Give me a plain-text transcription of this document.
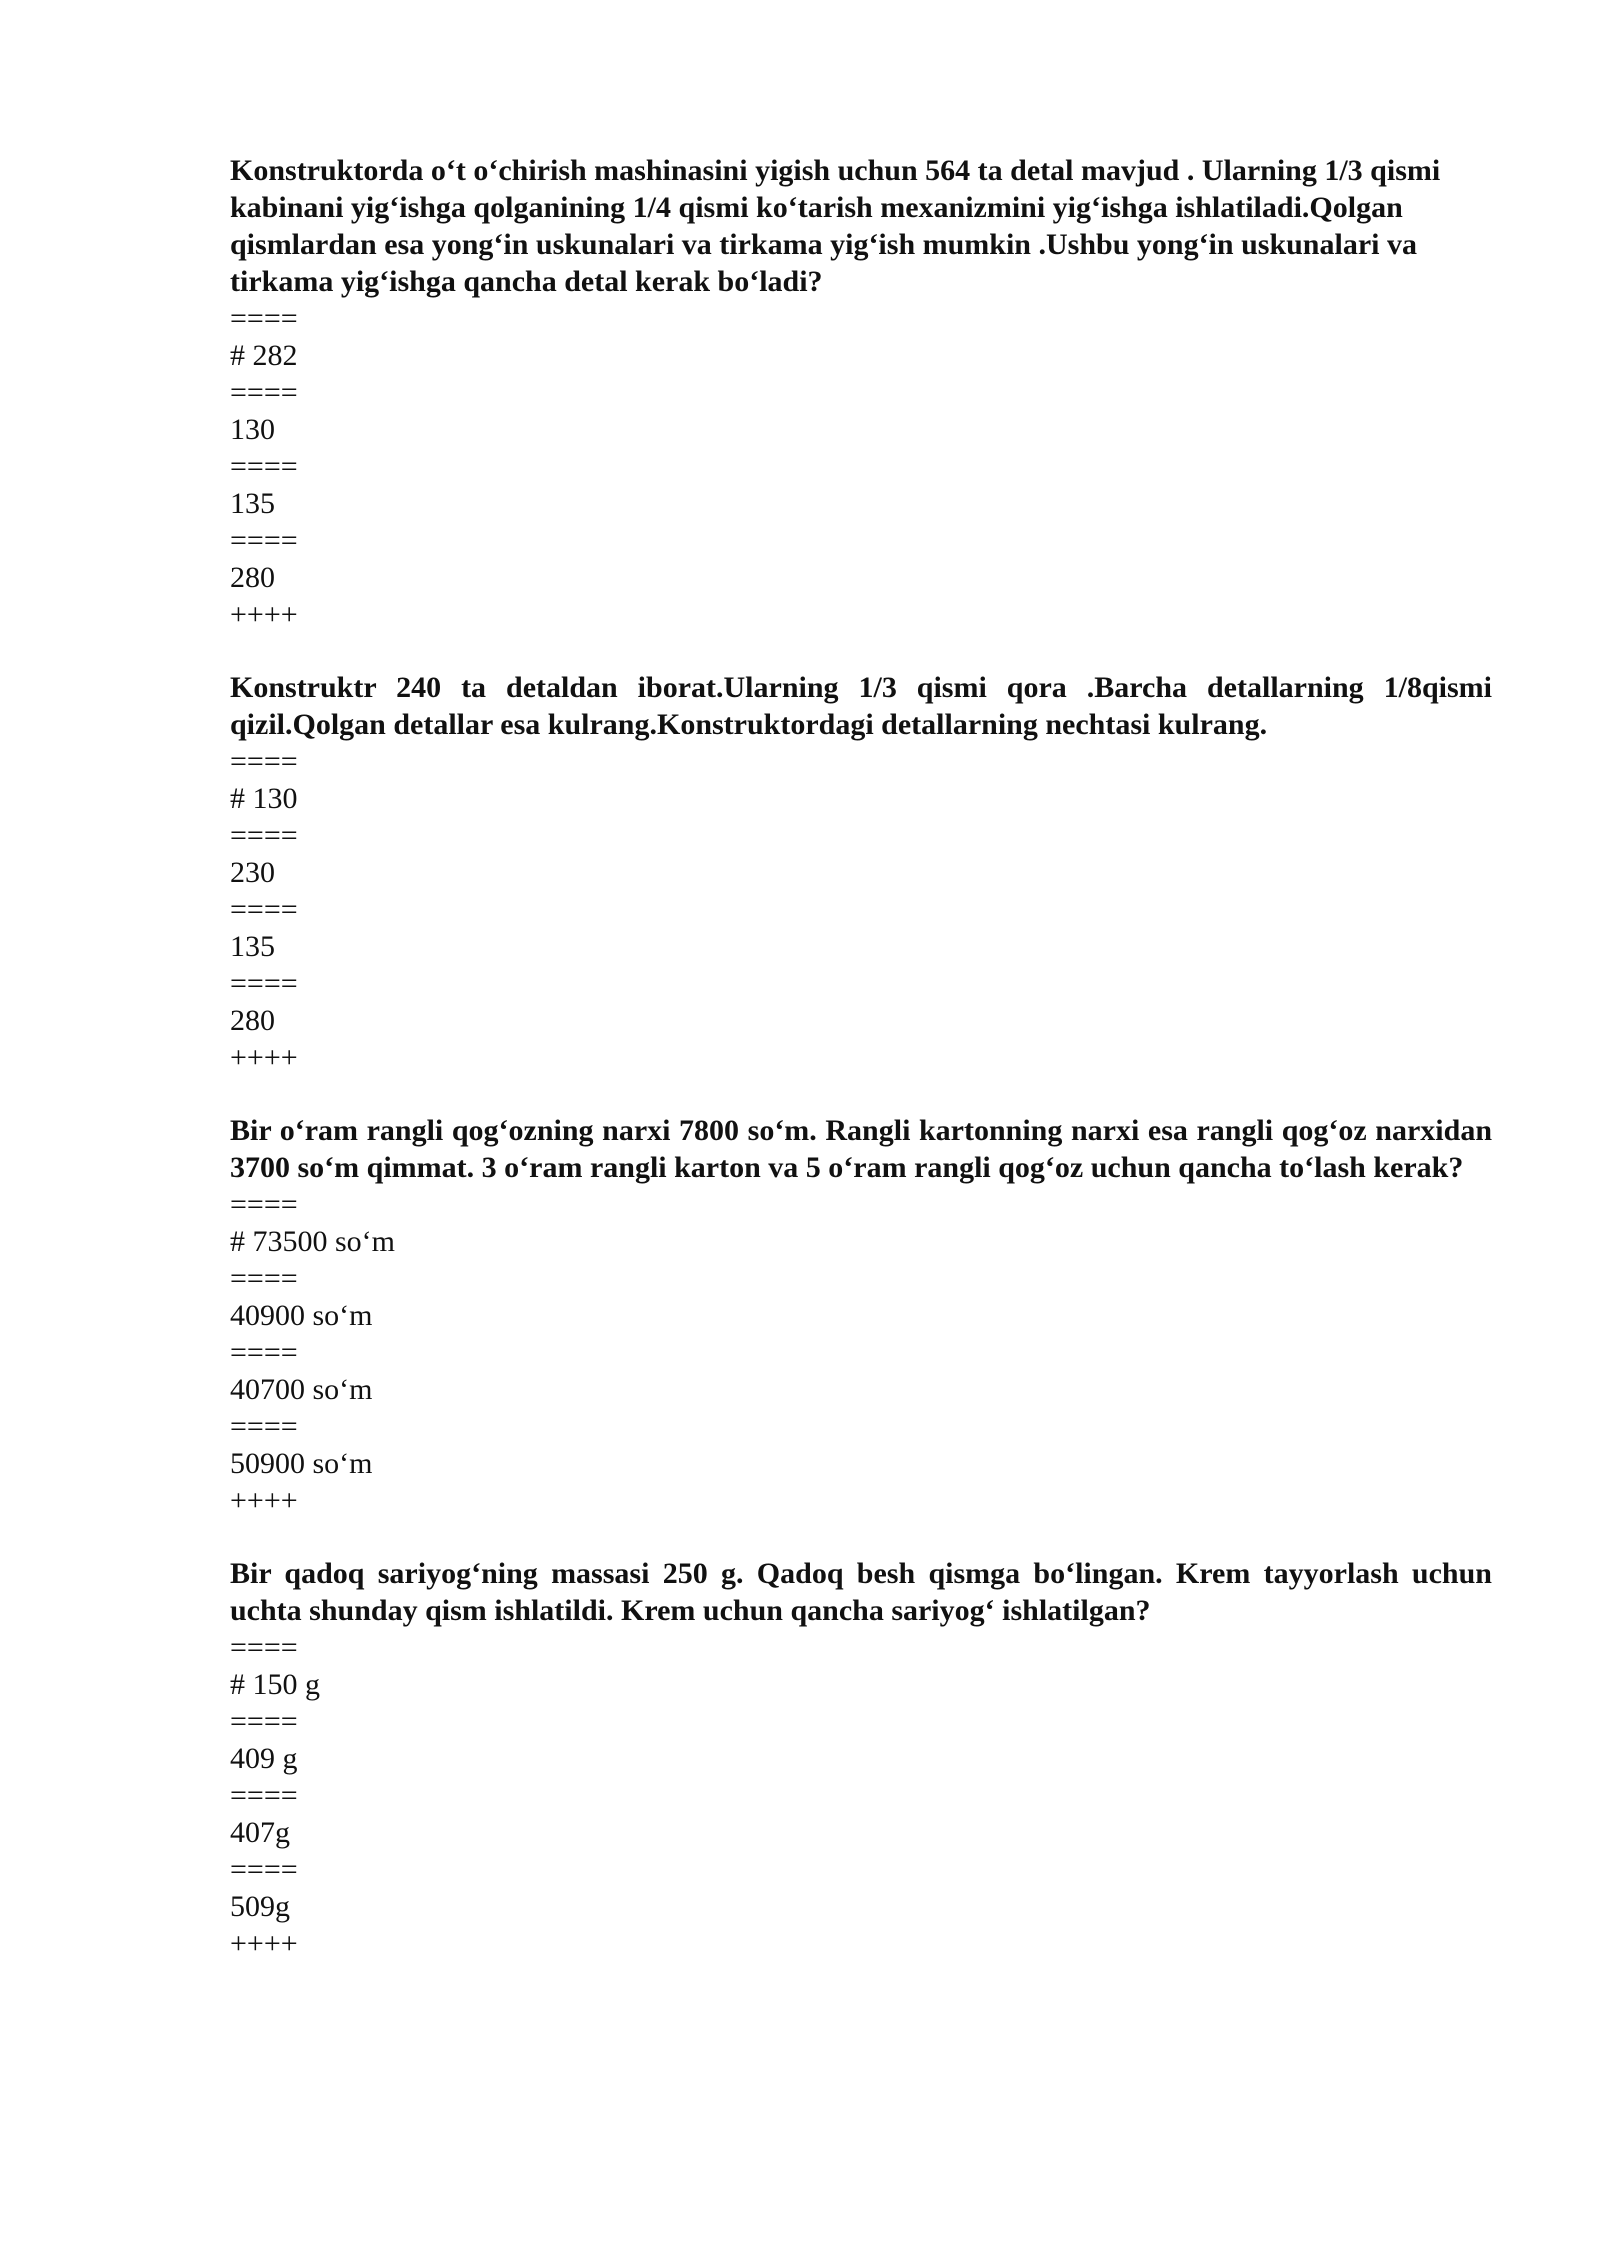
Konstruktorda o‘t o‘chirish mashinasini yigish uchun 564 ta detal mavjud . Ularning 1/3 qismi kabinani yig‘ishga qolganining 1/4 qismi ko‘tarish mexanizmini yig‘ishga ishlatiladi.Qolgan qismlardan esa yong‘in uskunalari va tirkama yig‘ish mumkin .Ushbu yong‘in uskunalari va tirkama yig‘ishga qancha detal kerak bo‘ladi?

====

# 282

====

130

====

135

====

280

++++

Konstruktr 240 ta detaldan iborat.Ularning 1/3 qismi qora .Barcha detallarning 1/8qismi qizil.Qolgan detallar esa kulrang.Konstruktordagi detallarning nechtasi kulrang.

====

# 130

====

230

====

135

====

280

++++

Bir o‘ram rangli qog‘ozning narxi 7800 so‘m. Rangli kartonning narxi esa rangli qog‘oz narxidan 3700 so‘m qimmat. 3 o‘ram rangli karton va 5 o‘ram rangli qog‘oz uchun qancha to‘lash kerak?

====

# 73500 so‘m

====

40900 so‘m

====

40700 so‘m

====

50900 so‘m

++++

Bir qadoq sariyog‘ning massasi 250 g. Qadoq besh qismga bo‘lingan. Krem tayyorlash uchun uchta shunday qism ishlatildi. Krem uchun qancha sariyog‘ ishlatilgan?

====

# 150 g

====

409 g

====

407g

====

509g

++++
